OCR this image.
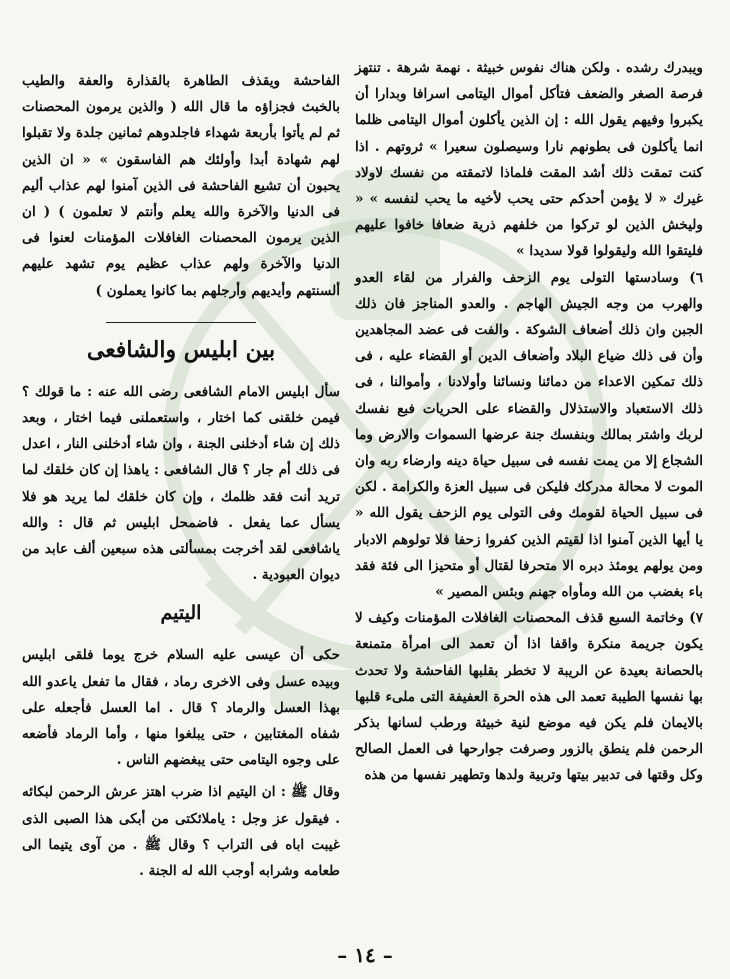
ويبدرك رشده . ولكن هناك نفوس خبيثة . نهمة شرهة . تنتهز فرصة الصغر والضعف فتأكل أموال اليتامى اسرافا وبدارا أن يكبروا وفيهم يقول الله : إن الذين يأكلون أموال اليتامى ظلما انما يأكلون فى بطونهم نارا وسيصلون سعيرا » ثروتهم . اذا كنت تمقت ذلك أشد المقت فلماذا لاتمقته من نفسك لاولاد غيرك « لا يؤمن أحدكم حتى يحب لأخيه ما يحب لنفسه » « وليخش الذين لو تركوا من خلفهم ذرية ضعافا خافوا عليهم فليتقوا الله وليقولوا قولا سديدا »

٦) وسادستها التولى يوم الزحف والفرار من لقاء العدو والهرب من وجه الجيش الهاجم . والعدو المناجز فان ذلك الجبن وان ذلك أضعاف الشوكة . والفت فى عضد المجاهدين وأن فى ذلك ضياع البلاد وأضعاف الدين أو القضاء عليه ، فى ذلك تمكين الاعداء من دمائنا ونسائنا وأولادنا ، وأموالنا ، فى ذلك الاستعباد والاستذلال والقضاء على الحريات فبع نفسك لربك واشتر بمالك وبنفسك جنة عرضها السموات والارض وما الشجاع إلا من يمت نفسه فى سبيل حياة دينه وارضاء ربه وان الموت لا محالة مدركك فليكن فى سبيل العزة والكرامة . لكن فى سبيل الحياة لقومك وفى التولى يوم الزحف يقول الله « يا أيها الذين آمنوا اذا لقيتم الذين كفروا زحفا فلا تولوهم الادبار ومن يولهم يومئذ دبره الا متحرفا لقتال أو متحيزا الى فئة فقد باء بغضب من الله ومأواه جهنم وبئس المصير »

٧) وخاتمة السبع قذف المحصنات الغافلات المؤمنات وكيف لا يكون جريمة منكرة واقفا اذا أن تعمد الى امرأة متمنعة بالحصانة بعيدة عن الريبة لا تخطر بقلبها الفاحشة ولا تحدث بها نفسها الطيبة تعمد الى هذه الحرة العفيفة التى ملىء قلبها بالايمان فلم يكن فيه موضع لنية خبيثة ورطب لسانها بذكر الرحمن فلم ينطق بالزور وصرفت جوارحها فى العمل الصالح وكل وقتها فى تدبير بيتها وتربية ولدها وتطهير نفسها من هذه

الفاحشة ويقذف الطاهرة بالقذارة والعفة والطيب بالخبث فجزاؤه ما قال الله ( والذين يرمون المحصنات ثم لم يأتوا بأربعة شهداء فاجلدوهم ثمانين جلدة ولا تقبلوا لهم شهادة أبدا وأولئك هم الفاسقون » « ان الذين يحبون أن تشيع الفاحشة فى الذين آمنوا لهم عذاب أليم فى الدنيا والآخرة والله يعلم وأنتم لا تعلمون ) ( ان الذين يرمون المحصنات الغافلات المؤمنات لعنوا فى الدنيا والآخرة ولهم عذاب عظيم يوم تشهد عليهم ألسنتهم وأيديهم وأرجلهم بما كانوا يعملون )

بين ابليس والشافعى

سأل ابليس الامام الشافعى رضى الله عنه : ما قولك ؟ فيمن خلقنى كما اختار ، واستعملنى فيما اختار ، وبعد ذلك إن شاء أدخلنى الجنة ، وان شاء أدخلنى النار ، اعدل فى ذلك أم جار ؟ قال الشافعى : ياهذا إن كان خلقك لما تريد أنت فقد ظلمك ، وإن كان خلقك لما يريد هو فلا يسأل عما يفعل . فاضمحل ابليس ثم قال : والله ياشافعى لقد أخرجت بمسألتى هذه سبعين ألف عابد من ديوان العبودية .

اليتيم

حكى أن عيسى عليه السلام خرج يوما فلقى ابليس وبيده عسل وفى الاخرى رماد ، فقال ما تفعل ياعدو الله بهذا العسل والرماد ؟ قال . اما العسل فأجعله على شفاه المغتابين ، حتى يبلغوا منها ، وأما الرماد فأضعه على وجوه اليتامى حتى يبغضهم الناس .

وقال ﷺ : ان اليتيم اذا ضرب اهتز عرش الرحمن لبكائه . فيقول عز وجل : ياملائكتى من أبكى هذا الصبى الذى غيبت اباه فى التراب ؟ وقال ﷺ . من آوى يتيما الى طعامه وشرابه أوجب الله له الجنة .

– ١٤ –
